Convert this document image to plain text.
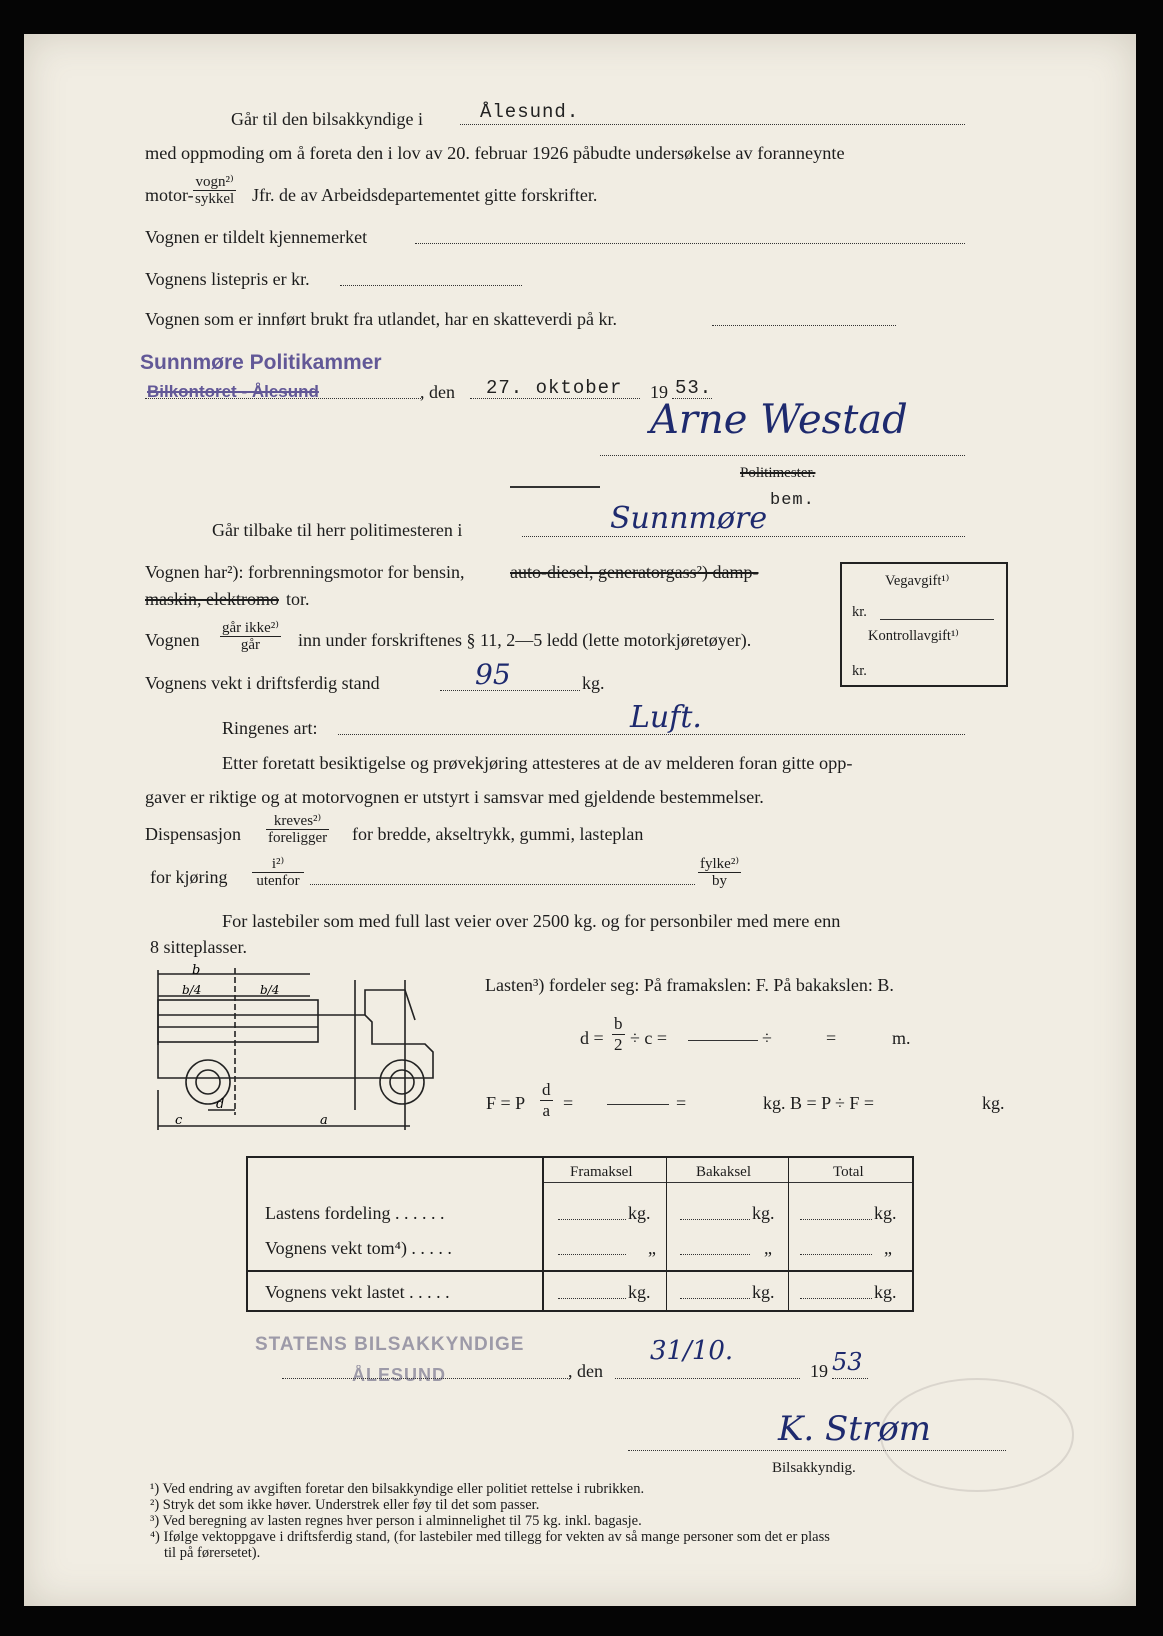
Går til den bilsakkyndige i	Ålesund.
med oppmoding om å foreta den i lov av 20. februar 1926 påbudte undersøkelse av foranneynte
motor-
vogn²⁾
sykkel Jfr. de av Arbeidsdepartementet gitte forskrifter.
Vognen er tildelt kjennemerket
Vognens listepris er kr.
Vognen som er innført brukt fra utlandet, har en skatteverdi på kr.
Sunnmøre Politikammer
Bilkontoret - Ålesund	, den 27. oktober 19 53.
Arne Westad
Politimester.
bem.
Går tilbake til herr politimesteren i	Sunnmøre
Vognen har²): forbrenningsmotor for bensin,	auto-diesel, generatorgass²) damp-
maskin, elektromo tor.
Vegavgift¹⁾
kr.
Kontrollavgift¹⁾
kr.
Vognen
går ikke²⁾
går	inn under forskriftenes § 11, 2—5 ledd (lette motorkjøretøyer).
Vognens vekt i driftsferdig stand	95	kg.
Ringenes art:	Luft.
Etter foretatt besiktigelse og prøvekjøring attesteres at de av melderen foran gitte opp-
gaver er riktige og at motorvognen er utstyrt i samsvar med gjeldende bestemmelser.
Dispensasjon
kreves²⁾
foreligger for bredde, akseltrykk, gummi, lasteplan
for kjøring
i²⁾
utenfor
fylke²⁾
by
For lastebiler som med full last veier over 2500 kg. og for personbiler med mere enn
8 sitteplasser.
b
b/4	b/4
d
c	a
Lasten³) fordeler seg: På framakslen: F. På bakakslen: B.
$d = \frac{b}{2} \div c$ =	÷	=	m.
F = P $\frac{d}{a}$ =	=	kg. B = P ÷ F =	kg.
Framaksel	Bakaksel	Total
Lastens fordeling . . . . . .	kg.	kg.	kg.
Vognens vekt tom⁴) . . . . .	„	„	„
Vognens vekt lastet . . . . .	kg.	kg.	kg.
STATENS BILSAKKYNDIGE
ÅLESUND	, den
31/10.
19 53
K. Strøm
Bilsakkyndig.
¹) Ved endring av avgiften foretar den bilsakkyndige eller politiet rettelse i rubrikken.
²) Stryk det som ikke høver. Understrek eller føy til det som passer.
³) Ved beregning av lasten regnes hver person i alminnelighet til 75 kg. inkl. bagasje.
⁴) Ifølge vektoppgave i driftsferdig stand, (for lastebiler med tillegg for vekten av så mange personer som det er plass
til på førersetet).
